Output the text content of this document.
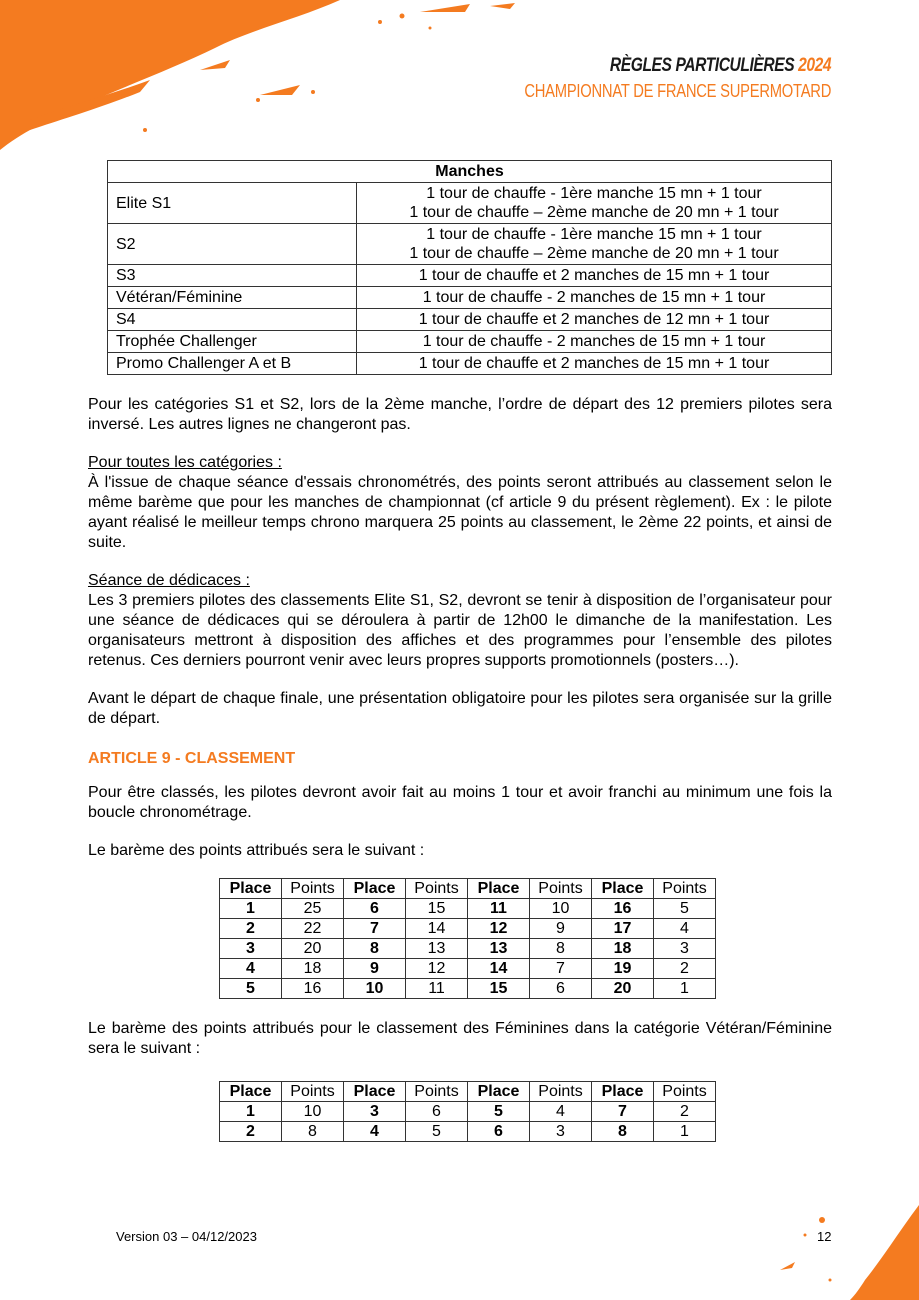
RÈGLES PARTICULIÈRES 2024
CHAMPIONNAT DE FRANCE SUPERMOTARD
Manches	
Elite S1	1 tour de chauffe - 1ère manche 15 mn + 1 tour
1 tour de chauffe – 2ème manche de 20 mn + 1 tour

S2	1 tour de chauffe - 1ère manche 15 mn + 1 tour
1 tour de chauffe – 2ème manche de 20 mn + 1 tour

S3	1 tour de chauffe et 2 manches de 15 mn + 1 tour
Vétéran/Féminine	1 tour de chauffe - 2 manches de 15 mn + 1 tour
S4	1 tour de chauffe et 2 manches de 12 mn + 1 tour
Trophée Challenger	1 tour de chauffe - 2 manches de 15 mn + 1 tour
Promo Challenger A et B	1 tour de chauffe et 2 manches de 15 mn + 1 tour

Pour les catégories S1 et S2, lors de la 2ème manche, l’ordre de départ des 12 premiers pilotes sera inversé. Les autres lignes ne changeront pas.

Pour toutes les catégories :

À l'issue de chaque séance d'essais chronométrés, des points seront attribués au classement selon le même barème que pour les manches de championnat (cf article 9 du présent règlement). Ex : le pilote ayant réalisé le meilleur temps chrono marquera 25 points au classement, le 2ème 22 points, et ainsi de suite.

Séance de dédicaces :

Les 3 premiers pilotes des classements Elite S1, S2, devront se tenir à disposition de l’organisateur pour une séance de dédicaces qui se déroulera à partir de 12h00 le dimanche de la manifestation. Les organisateurs mettront à disposition des affiches et des programmes pour l’ensemble des pilotes retenus. Ces derniers pourront venir avec leurs propres supports promotionnels (posters…).

Avant le départ de chaque finale, une présentation obligatoire pour les pilotes sera organisée sur la grille de départ.

ARTICLE 9 - CLASSEMENT

Pour être classés, les pilotes devront avoir fait au moins 1 tour et avoir franchi au minimum une fois la boucle chronométrage.

Le barème des points attribués sera le suivant :

Place	Points	Place	Points	Place	Points	Place	Points
1	25	6	15	11	10	16	5
2	22	7	14	12	9	17	4
3	20	8	13	13	8	18	3
4	18	9	12	14	7	19	2
5	16	10	11	15	6	20	1

Le barème des points attribués pour le classement des Féminines dans la catégorie Vétéran/Féminine sera le suivant :

Place	Points	Place	Points	Place	Points	Place	Points
1	10	3	6	5	4	7	2
2	8	4	5	6	3	8	1
Version 03 – 04/12/2023	12
